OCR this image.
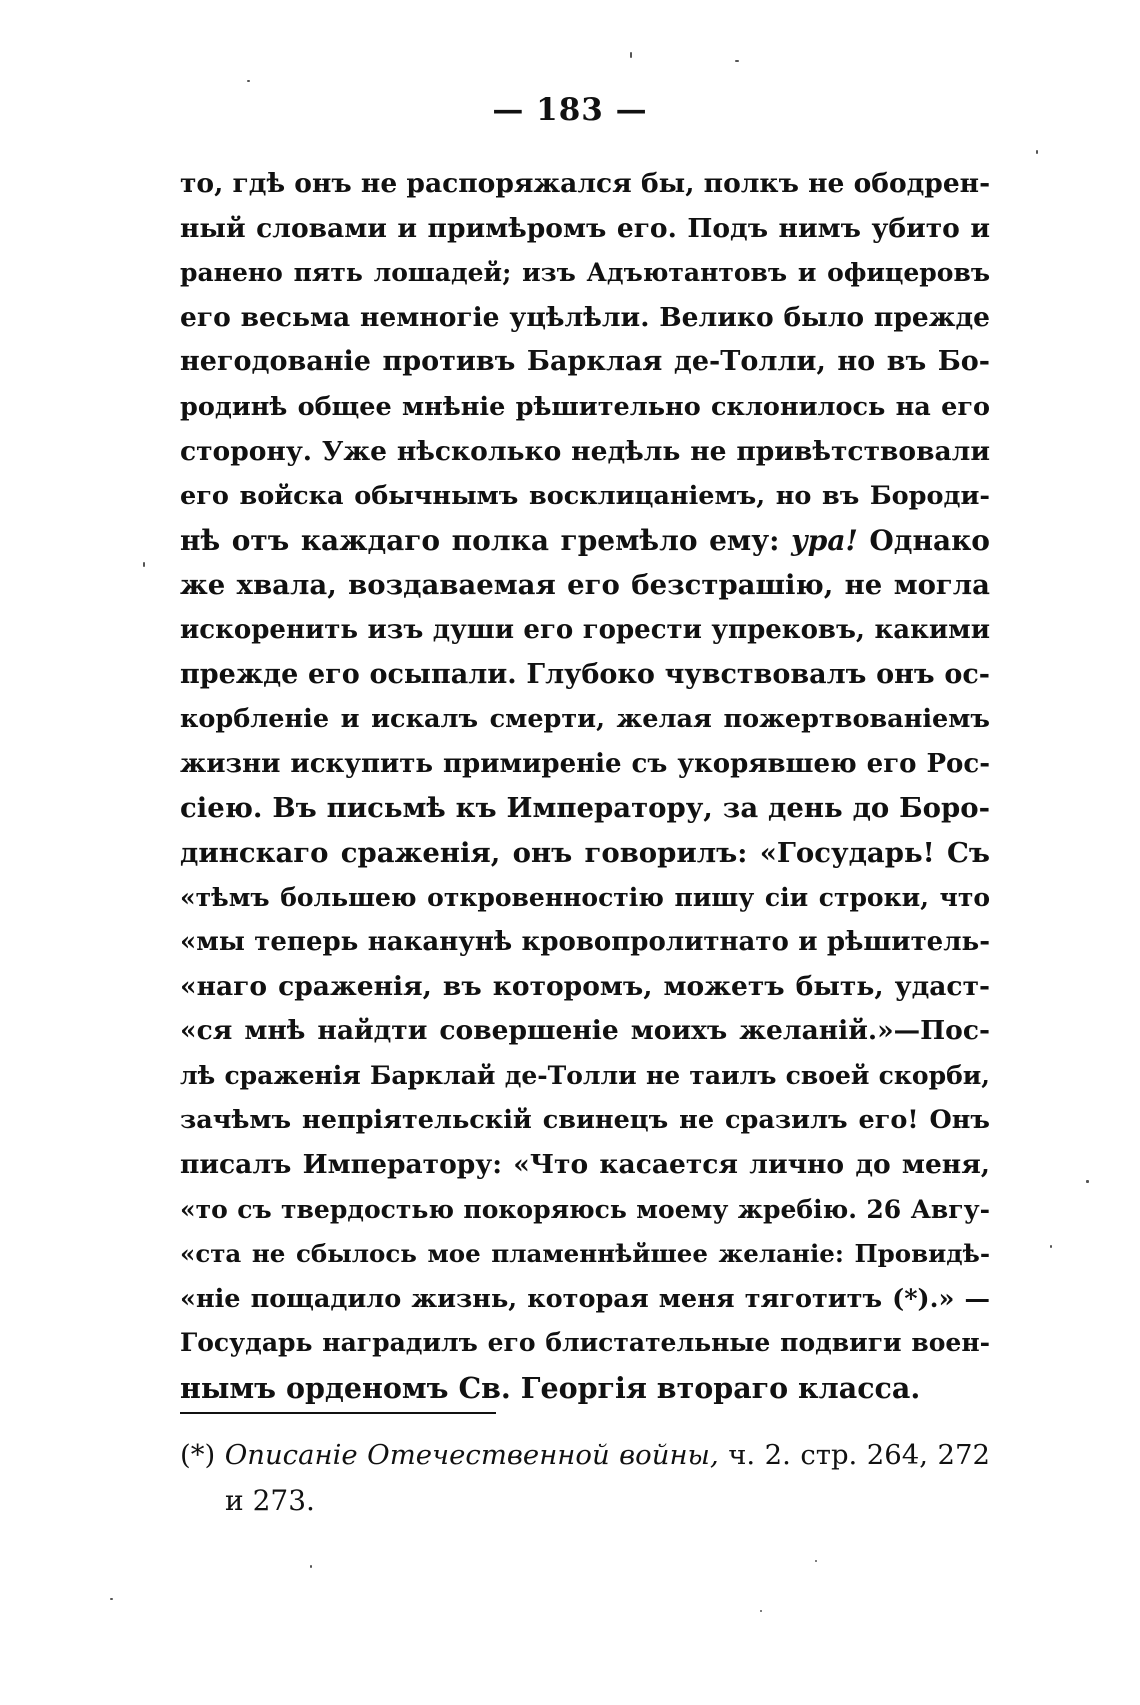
— 183 —
то, гдѣ онъ не распоряжался бы, полкъ не ободрен-
ный словами и примѣромъ его. Подъ нимъ убито и
ранено пять лошадей; изъ Адъютантовъ и офицеровъ
его весьма немногіе уцѣлѣли. Велико было прежде
негодованіе противъ Барклая де-Толли, но въ Бо-
родинѣ общее мнѣніе рѣшительно склонилось на его
сторону. Уже нѣсколько недѣль не привѣтствовали
его войска обычнымъ восклицаніемъ, но въ Бороди-
нѣ отъ каждаго полка гремѣло ему: ура! Однако
же хвала, воздаваемая его безстрашію, не могла
искоренить изъ души его горести упрековъ, какими
прежде его осыпали. Глубоко чувствовалъ онъ ос-
корбленіе и искалъ смерти, желая пожертвованіемъ
жизни искупить примиреніе съ укорявшею его Рос-
сіею. Въ письмѣ къ Императору, за день до Боро-
динскаго сраженія, онъ говорилъ: «Государь! Съ
«тѣмъ большею откровенностію пишу сіи строки, что
«мы теперь наканунѣ кровопролитнато и рѣшитель-
«наго сраженія, въ которомъ, можетъ быть, удаст-
«ся мнѣ найдти совершеніе моихъ желаній.»—Пос-
лѣ сраженія Барклай де-Толли не таилъ своей скорби,
зачѣмъ непріятельскій свинецъ не сразилъ его! Онъ
писалъ Императору: «Что касается лично до меня,
«то съ твердостью покоряюсь моему жребію. 26 Авгу-
«ста не сбылось мое пламеннѣйшее желаніе: Провидѣ-
«ніе пощадило жизнь, которая меня тяготитъ (*).» —
Государь наградилъ его блистательные подвиги воен-
нымъ орденомъ Св. Георгія втораго класса.
(*) Описаніе Отечественной войны, ч. 2. стр. 264, 272
и 273.
